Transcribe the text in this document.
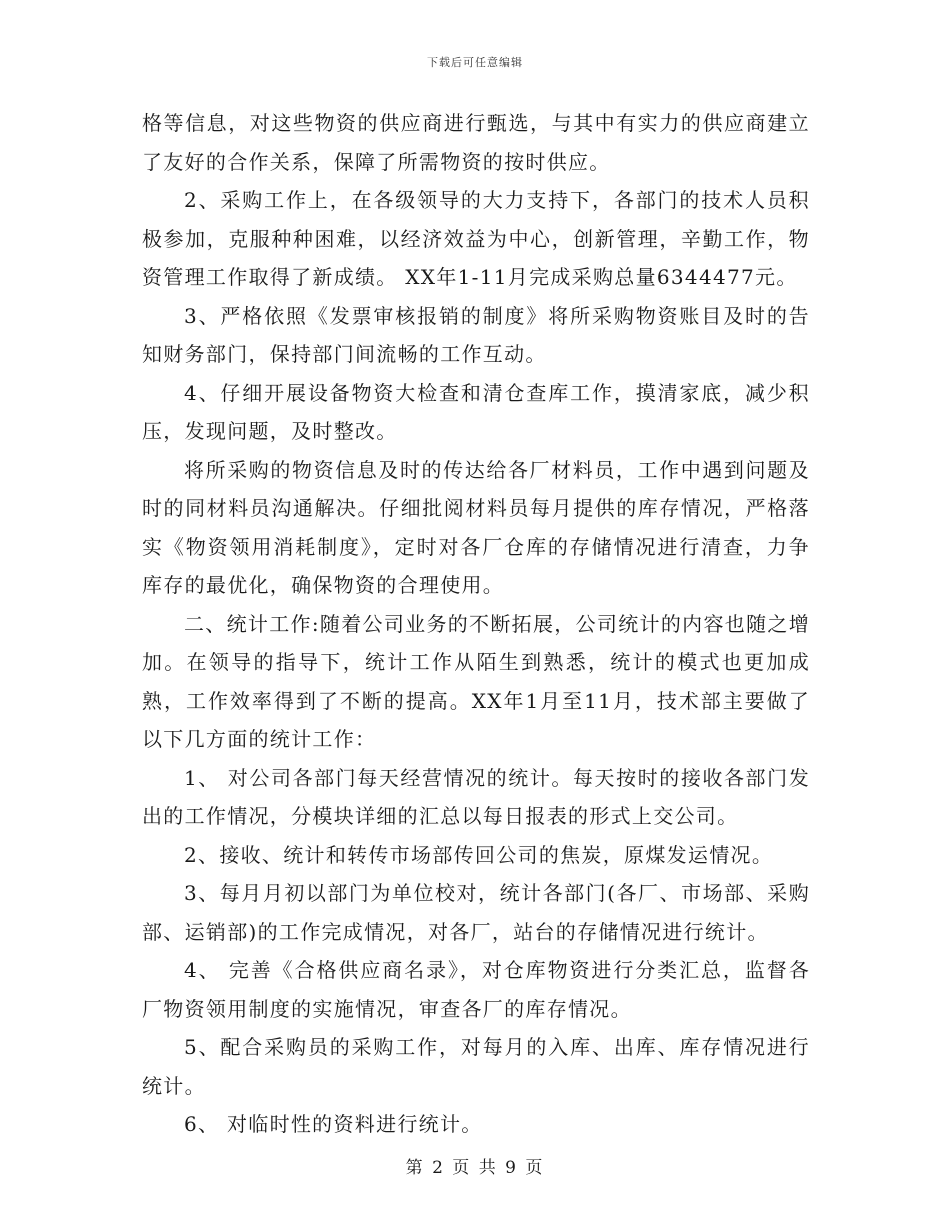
下载后可任意编辑

格等信息，对这些物资的供应商进行甄选，与其中有实力的供应商建立了友好的合作关系，保障了所需物资的按时供应。

2、采购工作上，在各级领导的大力支持下，各部门的技术人员积极参加，克服种种困难，以经济效益为中心，创新管理，辛勤工作，物资管理工作取得了新成绩。 XX年1-11月完成采购总量6344477元。

3、严格依照《发票审核报销的制度》将所采购物资账目及时的告知财务部门，保持部门间流畅的工作互动。

4、仔细开展设备物资大检查和清仓查库工作，摸清家底，减少积压，发现问题，及时整改。

将所采购的物资信息及时的传达给各厂材料员，工作中遇到问题及时的同材料员沟通解决。仔细批阅材料员每月提供的库存情况，严格落实《物资领用消耗制度》，定时对各厂仓库的存储情况进行清查，力争库存的最优化，确保物资的合理使用。

二、统计工作:随着公司业务的不断拓展，公司统计的内容也随之增加。在领导的指导下，统计工作从陌生到熟悉，统计的模式也更加成熟，工作效率得到了不断的提高。XX年1月至11月，技术部主要做了以下几方面的统计工作：

1、 对公司各部门每天经营情况的统计。每天按时的接收各部门发出的工作情况，分模块详细的汇总以每日报表的形式上交公司。

2、接收、统计和转传市场部传回公司的焦炭，原煤发运情况。

3、每月月初以部门为单位校对，统计各部门(各厂、市场部、采购部、运销部)的工作完成情况，对各厂，站台的存储情况进行统计。

4、 完善《合格供应商名录》，对仓库物资进行分类汇总，监督各厂物资领用制度的实施情况，审查各厂的库存情况。

5、配合采购员的采购工作，对每月的入库、出库、库存情况进行统计。

6、 对临时性的资料进行统计。

第 2 页 共 9 页
